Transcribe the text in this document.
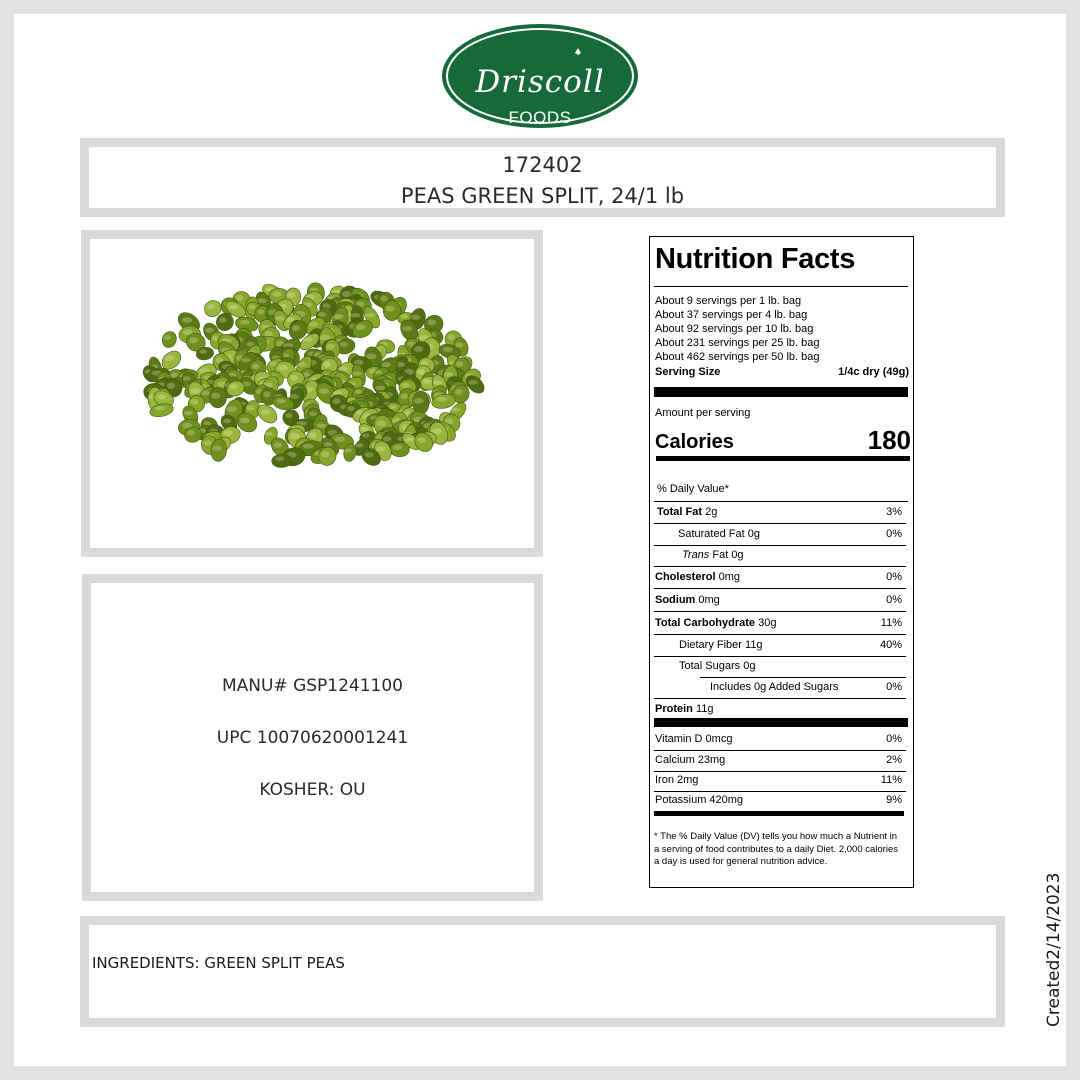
Driscoll
FOODS
172402
PEAS GREEN SPLIT, 24/1 lb
MANU# GSP1241100
UPC 10070620001241
KOSHER: OU
Nutrition Facts
About 9 servings per 1 lb. bag
About 37 servings per 4 lb. bag
About 92 servings per 10 lb. bag
About 231 servings per 25 lb. bag
About 462 servings per 50 lb. bag
Serving Size	1/4c dry (49g)
Amount per serving
Calories	180
% Daily Value*
Total Fat 2g	3%
Saturated Fat 0g	0%
Trans Fat 0g
Cholesterol 0mg	0%
Sodium 0mg	0%
Total Carbohydrate 30g	11%
Dietary Fiber 11g	40%
Total Sugars 0g
Includes 0g Added Sugars	0%
Protein 11g
Vitamin D 0mcg	0%
Calcium 23mg	2%
Iron 2mg	11%
Potassium 420mg	9%
* The % Daily Value (DV) tells you how much a Nutrient in a serving of food contributes to a daily Diet. 2,000 calories a day is used for general nutrition advice.
INGREDIENTS: GREEN SPLIT PEAS	Created2/14/2023
